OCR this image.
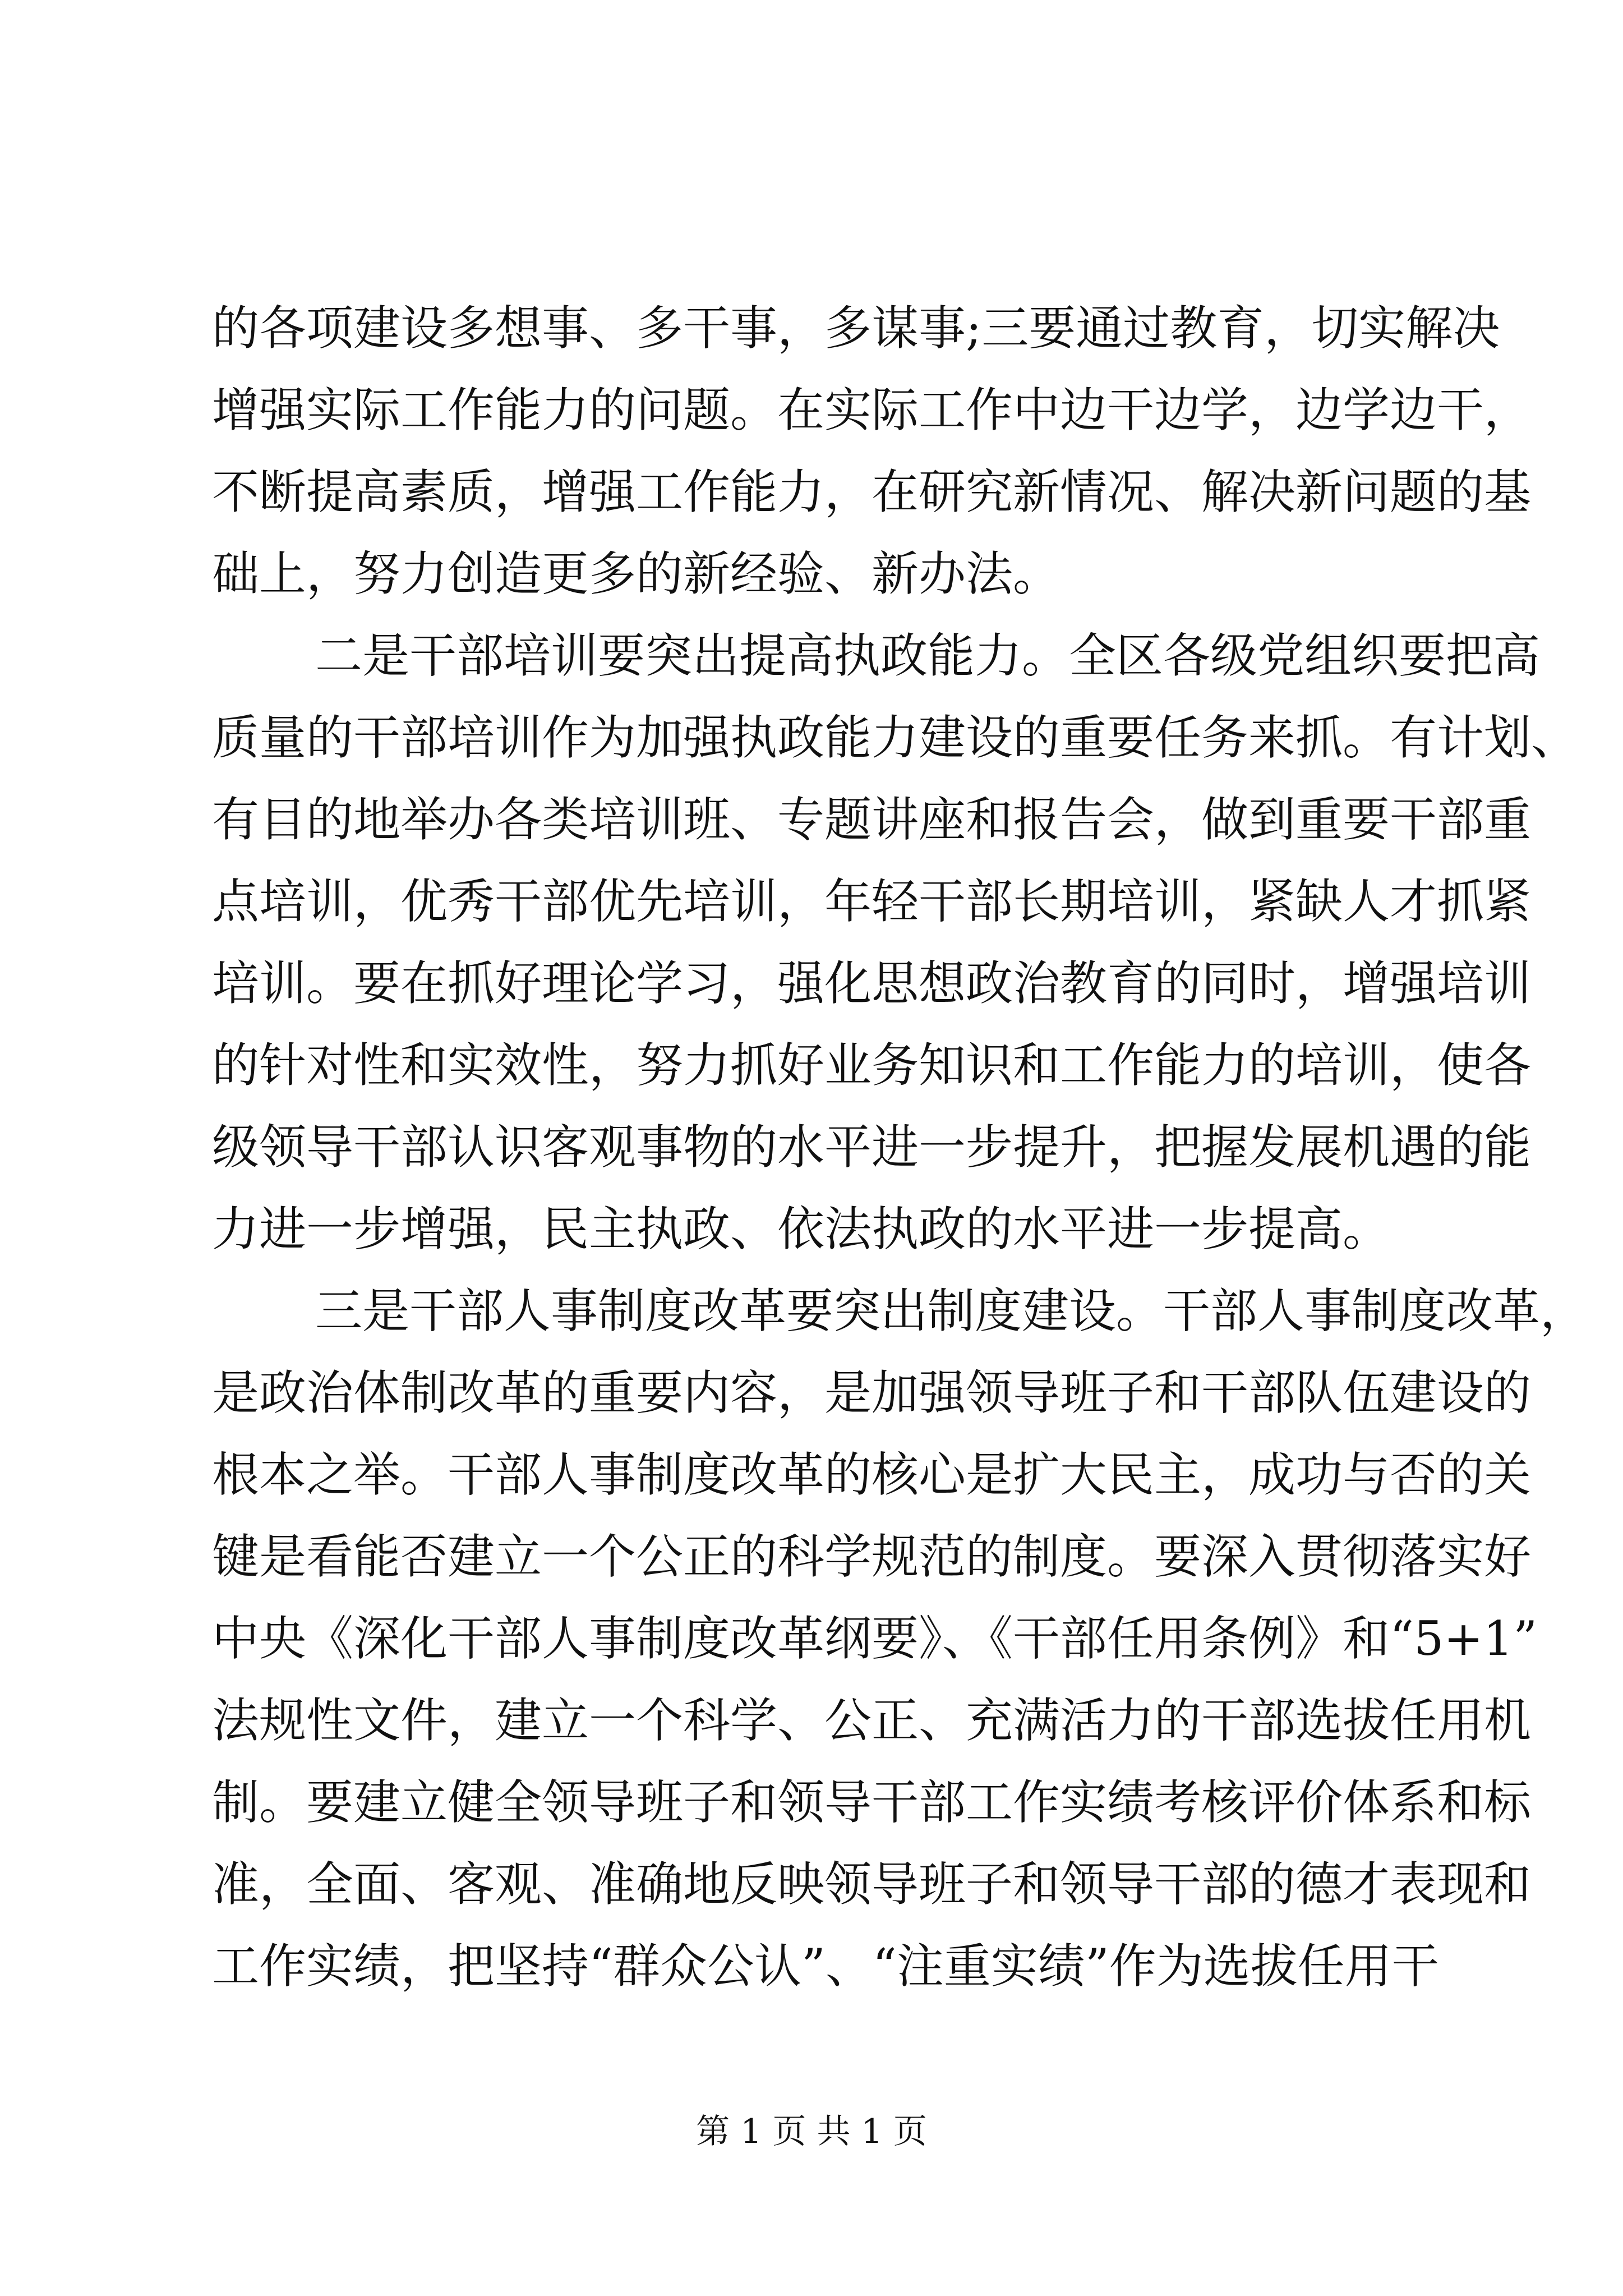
的各项建设多想事、多干事，多谋事;三要通过教育，切实解决
增强实际工作能力的问题。在实际工作中边干边学，边学边干，
不断提高素质，增强工作能力，在研究新情况、解决新问题的基
础上，努力创造更多的新经验、新办法。
二是干部培训要突出提高执政能力。全区各级党组织要把高
质量的干部培训作为加强执政能力建设的重要任务来抓。有计划、
有目的地举办各类培训班、专题讲座和报告会，做到重要干部重
点培训，优秀干部优先培训，年轻干部长期培训，紧缺人才抓紧
培训。要在抓好理论学习，强化思想政治教育的同时，增强培训
的针对性和实效性，努力抓好业务知识和工作能力的培训，使各
级领导干部认识客观事物的水平进一步提升，把握发展机遇的能
力进一步增强，民主执政、依法执政的水平进一步提高。
三是干部人事制度改革要突出制度建设。干部人事制度改革，
是政治体制改革的重要内容，是加强领导班子和干部队伍建设的
根本之举。干部人事制度改革的核心是扩大民主，成功与否的关
键是看能否建立一个公正的科学规范的制度。要深入贯彻落实好
中央《深化干部人事制度改革纲要》、《干部任用条例》和“5+1”
法规性文件，建立一个科学、公正、充满活力的干部选拔任用机
制。要建立健全领导班子和领导干部工作实绩考核评价体系和标
准，全面、客观、准确地反映领导班子和领导干部的德才表现和
工作实绩，把坚持“群众公认”、“注重实绩”作为选拔任用干
第 1 页 共 1 页
